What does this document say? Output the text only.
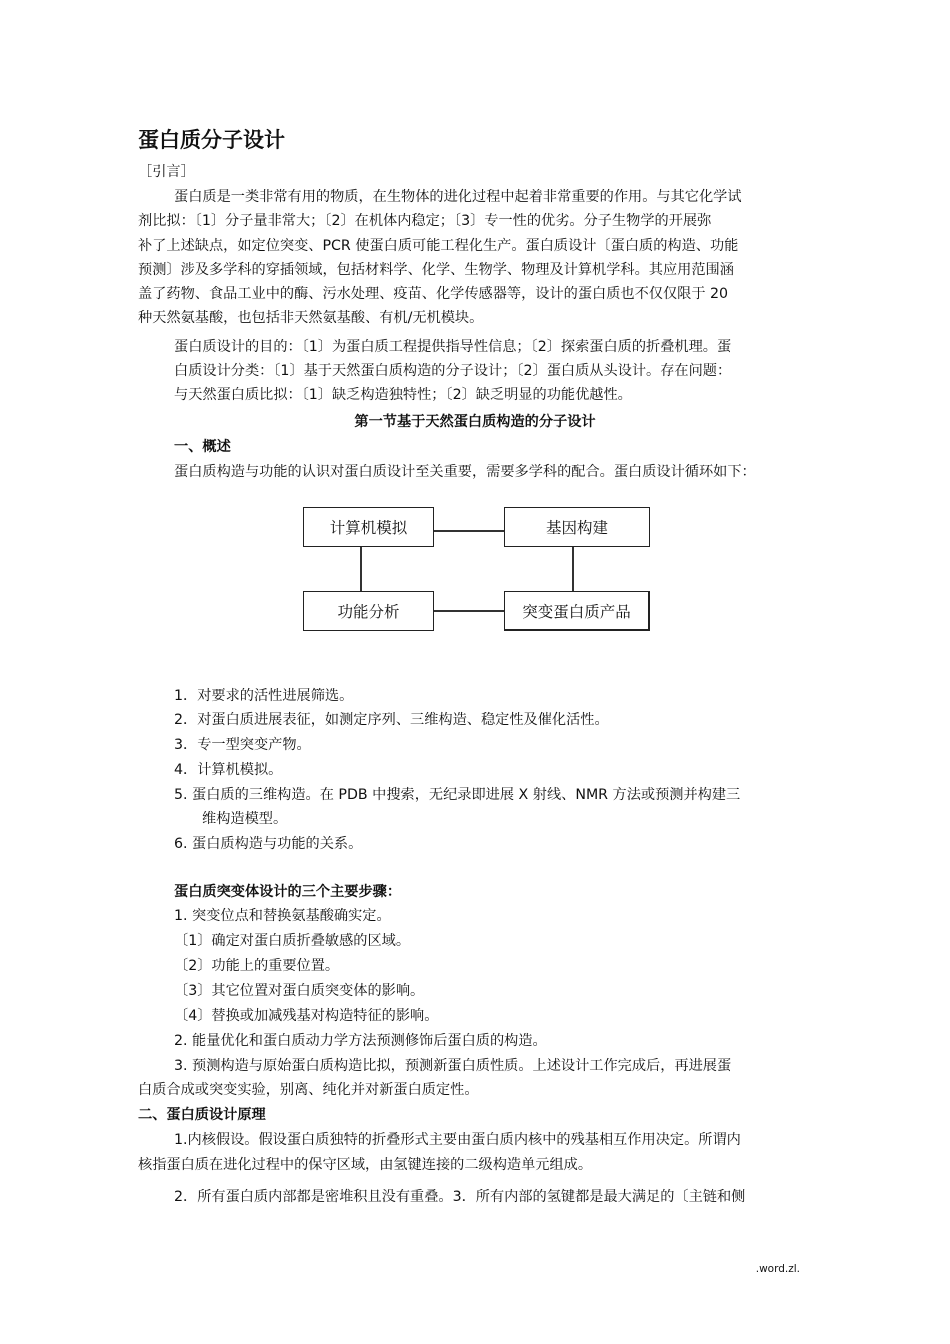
蛋白质分子设计
［引言］
蛋白质是一类非常有用的物质，在生物体的进化过程中起着非常重要的作用。与其它化学试
剂比拟：〔1〕分子量非常大；〔2〕在机体内稳定；〔3〕专一性的优劣。分子生物学的开展弥
补了上述缺点，如定位突变、PCR 使蛋白质可能工程化生产。蛋白质设计〔蛋白质的构造、功能
预测〕涉及多学科的穿插领域，包括材料学、化学、生物学、物理及计算机学科。其应用范围涵
盖了药物、食品工业中的酶、污水处理、疫苗、化学传感器等，设计的蛋白质也不仅仅限于 20
种天然氨基酸，也包括非天然氨基酸、有机/无机模块。
蛋白质设计的目的：〔1〕为蛋白质工程提供指导性信息；〔2〕探索蛋白质的折叠机理。蛋
白质设计分类：〔1〕基于天然蛋白质构造的分子设计；〔2〕蛋白质从头设计。存在问题：
与天然蛋白质比拟：〔1〕缺乏构造独特性；〔2〕缺乏明显的功能优越性。
第一节基于天然蛋白质构造的分子设计
一、概述
蛋白质构造与功能的认识对蛋白质设计至关重要，需要多学科的配合。蛋白质设计循环如下：
计算机模拟	基因构建
功能分析	突变蛋白质产品
1．对要求的活性进展筛选。
2．对蛋白质进展表征，如测定序列、三维构造、稳定性及催化活性。
3．专一型突变产物。
4．计算机模拟。
5. 蛋白质的三维构造。在 PDB 中搜索，无纪录即进展 X 射线、NMR 方法或预测并构建三
维构造模型。
6. 蛋白质构造与功能的关系。
蛋白质突变体设计的三个主要步骤：
1. 突变位点和替换氨基酸确实定。
〔1〕确定对蛋白质折叠敏感的区域。
〔2〕功能上的重要位置。
〔3〕其它位置对蛋白质突变体的影响。
〔4〕替换或加减残基对构造特征的影响。
2. 能量优化和蛋白质动力学方法预测修饰后蛋白质的构造。
3. 预测构造与原始蛋白质构造比拟，预测新蛋白质性质。上述设计工作完成后，再进展蛋
白质合成或突变实验，别离、纯化并对新蛋白质定性。
二、蛋白质设计原理
1.内核假设。假设蛋白质独特的折叠形式主要由蛋白质内核中的残基相互作用决定。所谓内
核指蛋白质在进化过程中的保守区域，由氢键连接的二级构造单元组成。
2．所有蛋白质内部都是密堆积且没有重叠。3．所有内部的氢键都是最大满足的〔主链和侧
.word.zl.
